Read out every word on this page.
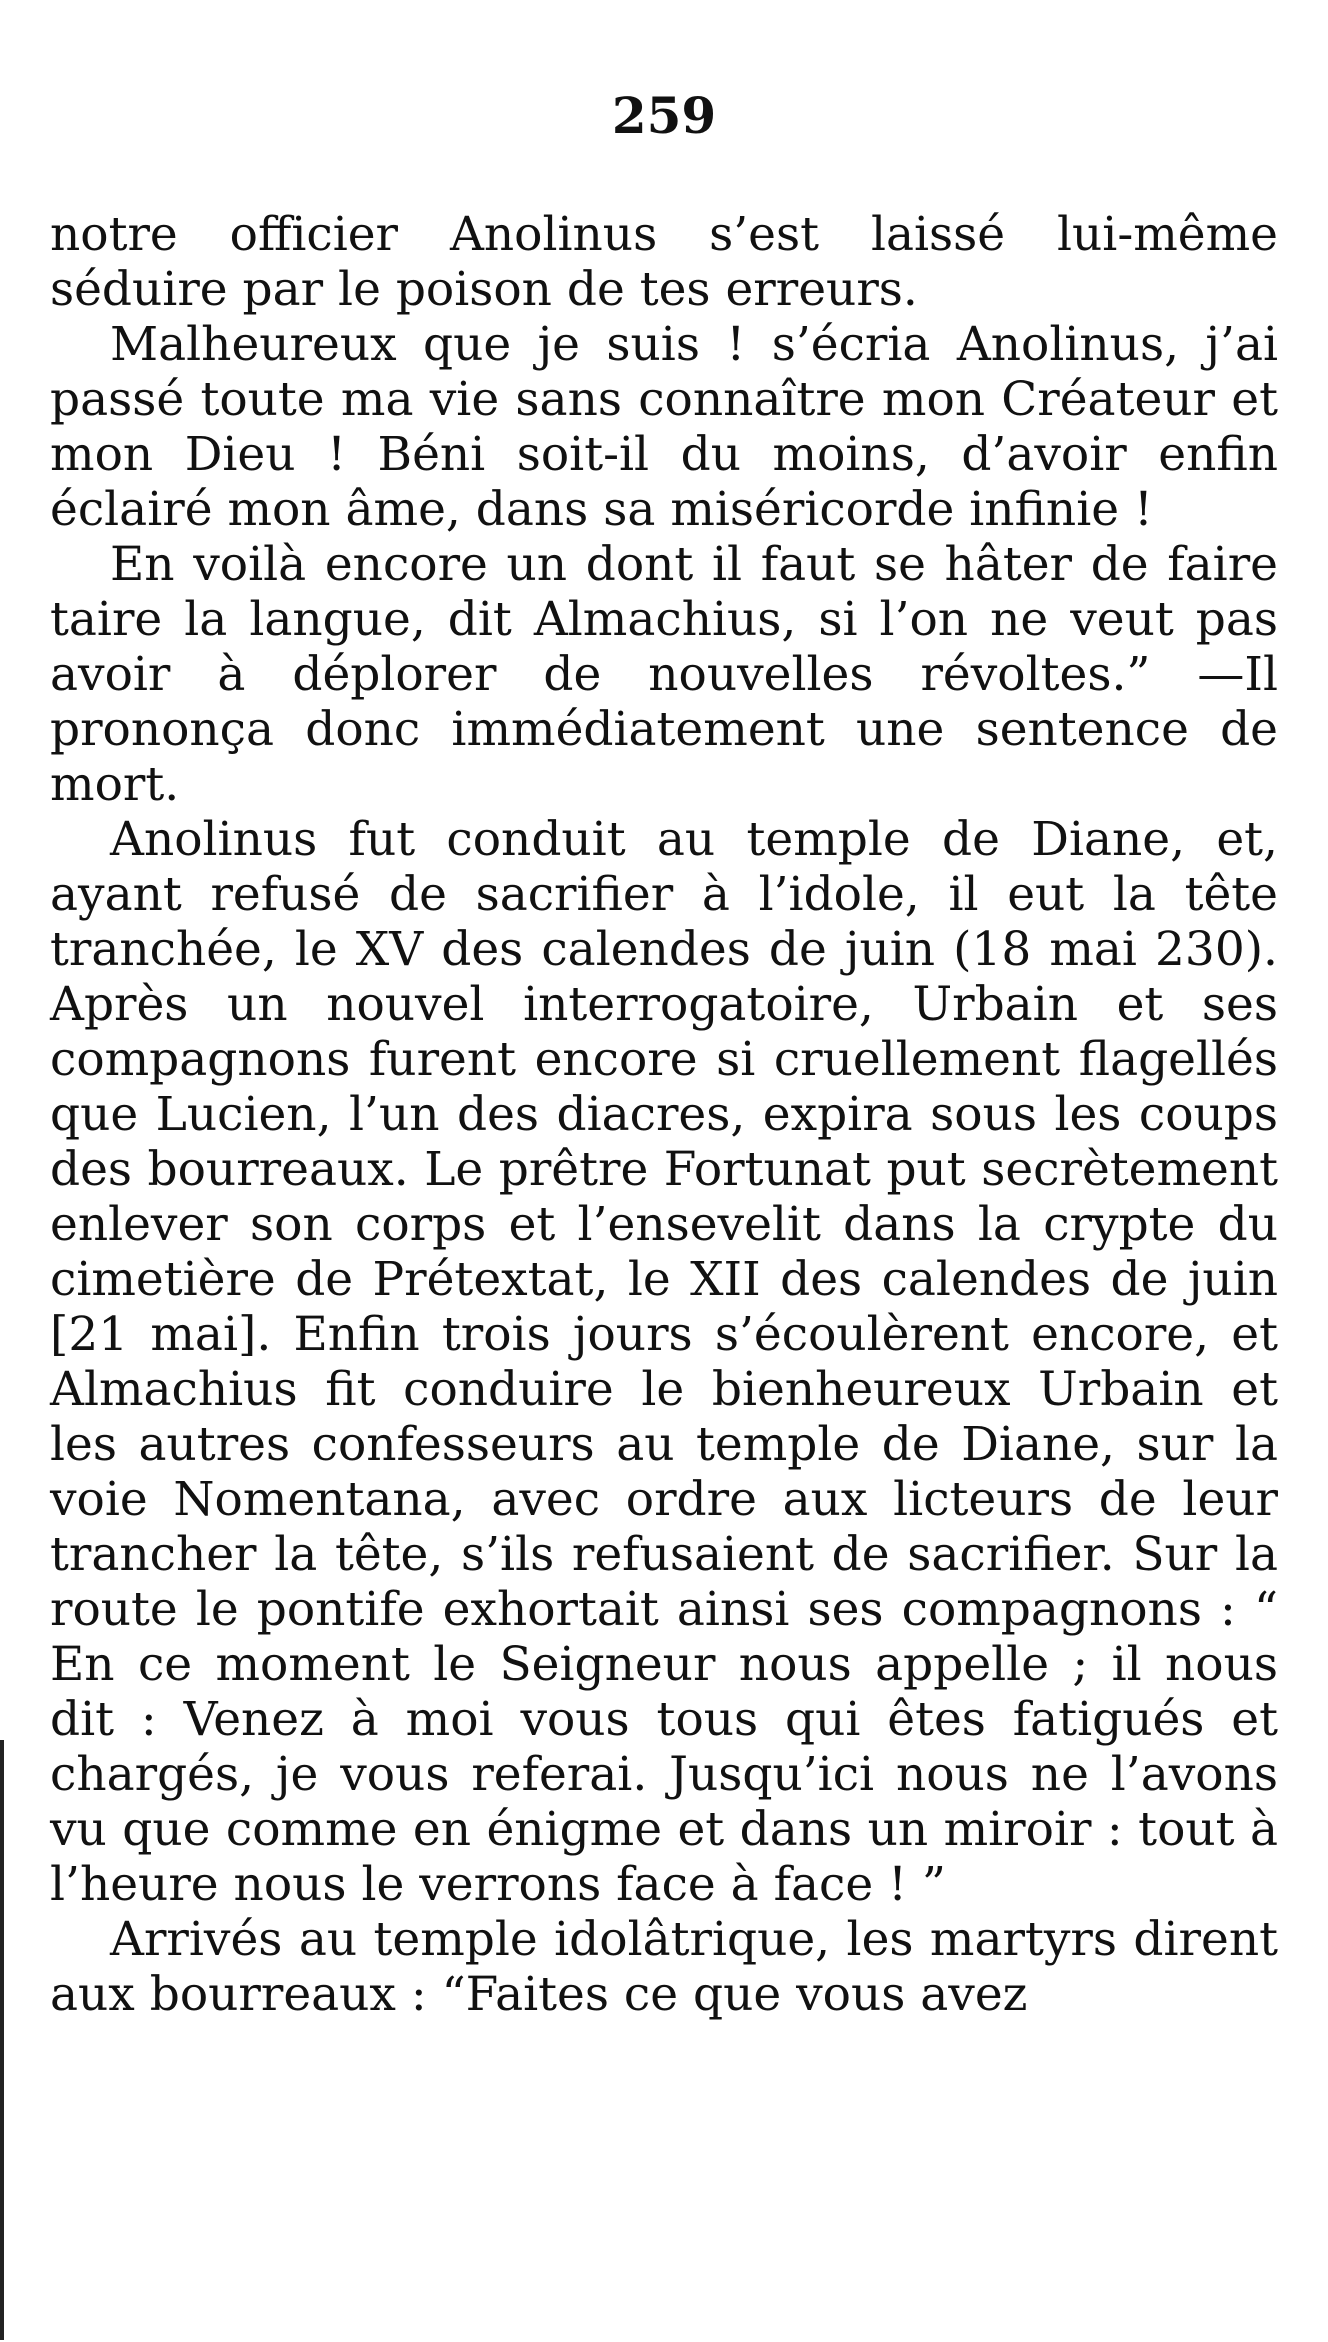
259

notre officier Anolinus s’est laissé lui-même séduire par le poison de tes erreurs.

Malheureux que je suis ! s’écria Anolinus, j’ai passé toute ma vie sans connaître mon Créateur et mon Dieu ! Béni soit-il du moins, d’avoir enfin éclairé mon âme, dans sa miséricorde infinie !

En voilà encore un dont il faut se hâter de faire taire la langue, dit Almachius, si l’on ne veut pas avoir à déplorer de nouvelles révoltes.” —Il prononça donc immédiatement une sentence de mort.

Anolinus fut conduit au temple de Diane, et, ayant refusé de sacrifier à l’idole, il eut la tête tranchée, le XV des calendes de juin (18 mai 230). Après un nouvel interrogatoire, Urbain et ses compagnons furent encore si cruellement flagellés que Lucien, l’un des diacres, expira sous les coups des bourreaux. Le prêtre Fortunat put secrètement enlever son corps et l’ensevelit dans la crypte du cimetière de Prétextat, le XII des calendes de juin [21 mai]. Enfin trois jours s’écoulèrent encore, et Almachius fit conduire le bienheureux Urbain et les autres confesseurs au temple de Diane, sur la voie Nomentana, avec ordre aux licteurs de leur trancher la tête, s’ils refusaient de sacrifier. Sur la route le pontife exhortait ainsi ses compagnons : “ En ce moment le Seigneur nous appelle ; il nous dit : Venez à moi vous tous qui êtes fatigués et chargés, je vous referai. Jusqu’ici nous ne l’avons vu que comme en énigme et dans un miroir : tout à l’heure nous le verrons face à face ! ”

Arrivés au temple idolâtrique, les martyrs dirent aux bourreaux : “Faites ce que vous avez
